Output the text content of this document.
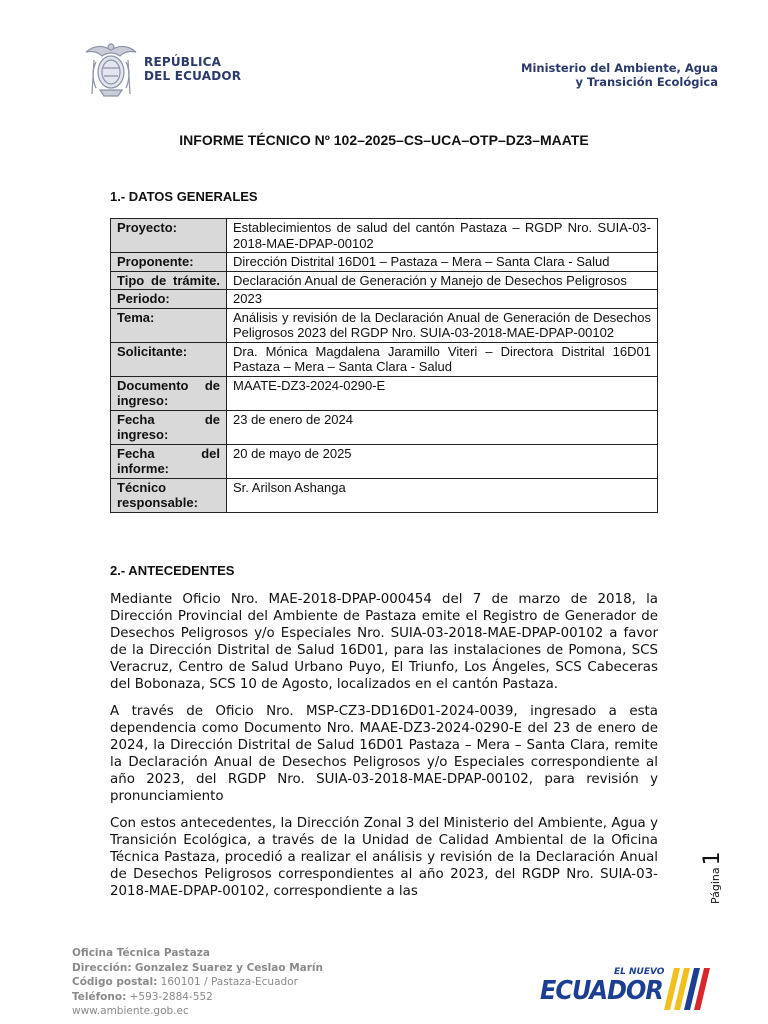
REPÚBLICA
DEL ECUADOR
Ministerio del Ambiente, Agua
y Transición Ecológica
INFORME TÉCNICO Nº 102–2025–CS–UCA–OTP–DZ3–MAATE
1.- DATOS GENERALES
Proyecto:	Establecimientos de salud del cantón Pastaza – RGDP Nro. SUIA-03-2018-MAE-DPAP-00102
Proponente:	Dirección Distrital 16D01 – Pastaza – Mera – Santa Clara - Salud
Tipo de trámite.	Declaración Anual de Generación y Manejo de Desechos Peligrosos
Periodo:	2023
Tema:	Análisis y revisión de la Declaración Anual de Generación de Desechos Peligrosos 2023 del RGDP Nro. SUIA-03-2018-MAE-DPAP-00102
Solicitante:	Dra. Mónica Magdalena Jaramillo Viteri – Directora Distrital 16D01 Pastaza – Mera – Santa Clara - Salud
Documento de ingreso:	MAATE-DZ3-2024-0290-E
Fecha de ingreso:	23 de enero de 2024
Fecha del informe:	20 de mayo de 2025
Técnico responsable:	Sr. Arilson Ashanga
2.- ANTECEDENTES

Mediante Oficio Nro. MAE-2018-DPAP-000454 del 7 de marzo de 2018, la Dirección Provincial del Ambiente de Pastaza emite el Registro de Generador de Desechos Peligrosos y/o Especiales Nro. SUIA-03-2018-MAE-DPAP-00102 a favor de la Dirección Distrital de Salud 16D01, para las instalaciones de Pomona, SCS Veracruz, Centro de Salud Urbano Puyo, El Triunfo, Los Ángeles, SCS Cabeceras del Bobonaza, SCS 10 de Agosto, localizados en el cantón Pastaza.

A través de Oficio Nro. MSP-CZ3-DD16D01-2024-0039, ingresado a esta dependencia como Documento Nro. MAAE-DZ3-2024-0290-E del 23 de enero de 2024, la Dirección Distrital de Salud 16D01 Pastaza – Mera – Santa Clara, remite la Declaración Anual de Desechos Peligrosos y/o Especiales correspondiente al año 2023, del RGDP Nro. SUIA-03-2018-MAE-DPAP-00102, para revisión y pronunciamiento

Con estos antecedentes, la Dirección Zonal 3 del Ministerio del Ambiente, Agua y Transición Ecológica, a través de la Unidad de Calidad Ambiental de la Oficina Técnica Pastaza, procedió a realizar el análisis y revisión de la Declaración Anual de Desechos Peligrosos correspondientes al año 2023, del RGDP Nro. SUIA-03-2018-MAE-DPAP-00102, correspondiente a las	Página1
Oficina Técnica Pastaza
Dirección: Gonzalez Suarez y Ceslao Marín
Código postal: 160101 / Pastaza-Ecuador
Teléfono: +593-2884-552
www.ambiente.gob.ec
EL NUEVO
ECUADOR
